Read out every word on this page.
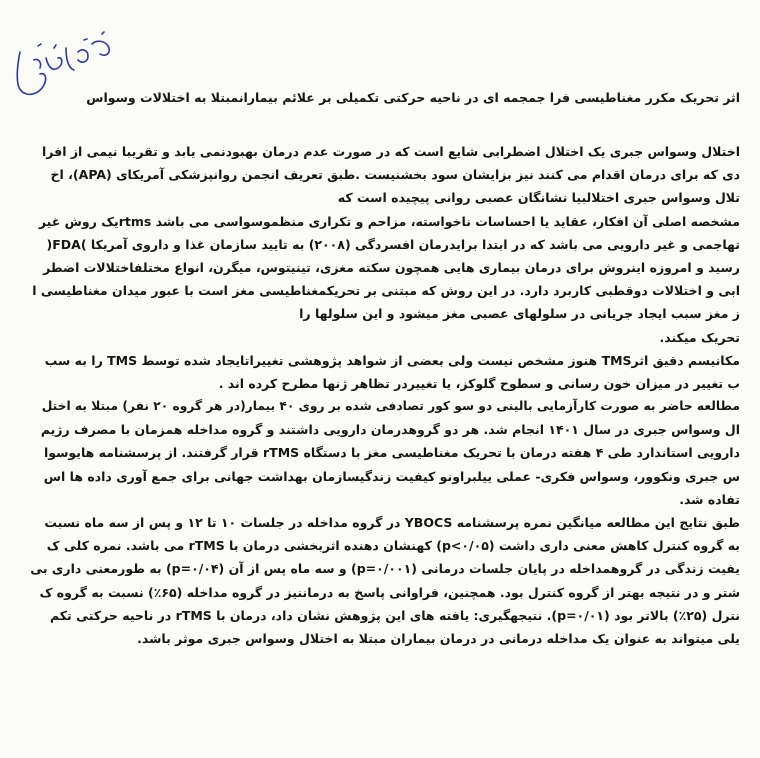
اثر تحریک مکرر مغناطیسی فرا جمجمه ای در ناحیه حرکتی تکمیلی بر علائم بیمارانمبتلا به اختلالات وسواس
اختلال وسواس جبری یک اختلال اضطرابی شایع است که در صورت عدم درمان بهبودنمی یابد و تقریبا نیمی از افرا
دی که برای درمان اقدام می کنند نیز بزایشان سود بخشنیست .طبق تعریف انجمن روانپزشکی آمریکای (APA)، اخ
تلال وسواس جبری اختلالبیا نشانگان عصبی روانی پیچیده است که
مشخصه اصلی آن افکار، عقاید یا احساسات ناخواسته، مزاحم و تکراری منظموسواسی می باشد rtmsیک روش غیر
تهاجمی و غیر دارویی می باشد که در ابتدا برایدرمان افسردگی (۲۰۰۸) به تایید سازمان غذا و داروی آمریکا )FDA(
رسید و امروزه اینروش برای درمان بیماری هایی همچون سکته مغزی، تینیتوس، میگرن، انواع مختلفاختلالات اضطر
ابی و اختلالات دوقطبی کاربرد دارد. در این روش که مبتنی بر تحریکمغناطیسی مغز است با عبور میدان مغناطیسی ا
ز مغز سبب ایجاد جریانی در سلولهای عصبی مغز میشود و این سلولها را
تحریک میکند.
مکانیسم دقیق اثرTMS هنوز مشخص نیست ولی بعضی از شواهد پژوهشی تغییراتایجاد شده توسط TMS را به سب
ب تغییر در میزان خون رسانی و سطوح گلوکز، یا تغییردر تظاهر ژنها مطرح کرده اند .
مطالعه حاضر به صورت کارآزمایی بالینی دو سو کور تصادفی شده بر روی ۴۰ بیمار(در هر گروه ۲۰ نفر) مبتلا به اختل
ال وسواس جبری در سال ۱۴۰۱ انجام شد. هر دو گروهدرمان دارویی داشتند و گروه مداخله همزمان با مصرف رژیم
دارویی استاندارد طی ۴ هفته درمان با تحریک مغناطیسی مغز با دستگاه rTMS قرار گرفتند. از پرسشنامه هایوسوا
س جبری ونکوور، وسواس فکری- عملی ییلبراونو کیفیت زندگیسازمان بهداشت جهانی برای جمع آوری داده ها اس
تفاده شد.
طبق نتایج این مطالعه میانگین نمره پرسشنامه YBOCS در گروه مداخله در جلسات ۱۰ تا ۱۲ و پس از سه ماه نسبت
به گروه کنترل کاهش معنی داری داشت (p<۰/۰۵) کهنشان دهنده اثربخشی درمان با rTMS می باشد. نمره کلی ک
یفیت زندگی در گروهمداخله در پایان جلسات درمانی (p=۰/۰۰۱) و سه ماه پس از آن (p=۰/۰۴) به طورمعنی داری بی
شتر و در نتیجه بهتر از گروه کنترل بود. همچنین، فراوانی پاسخ به درماننیز در گروه مداخله (۶۵٪) نسبت به گروه ک
نترل (۲۵٪) بالاتر بود (p=۰/۰۱). نتیجهگیری: یافته های این پژوهش نشان داد، درمان با rTMS در ناحیه حرکتی تکم
یلی میتواند به عنوان یک مداخله درمانی در درمان بیماران مبتلا به اختلال وسواس جبری موثر باشد.
